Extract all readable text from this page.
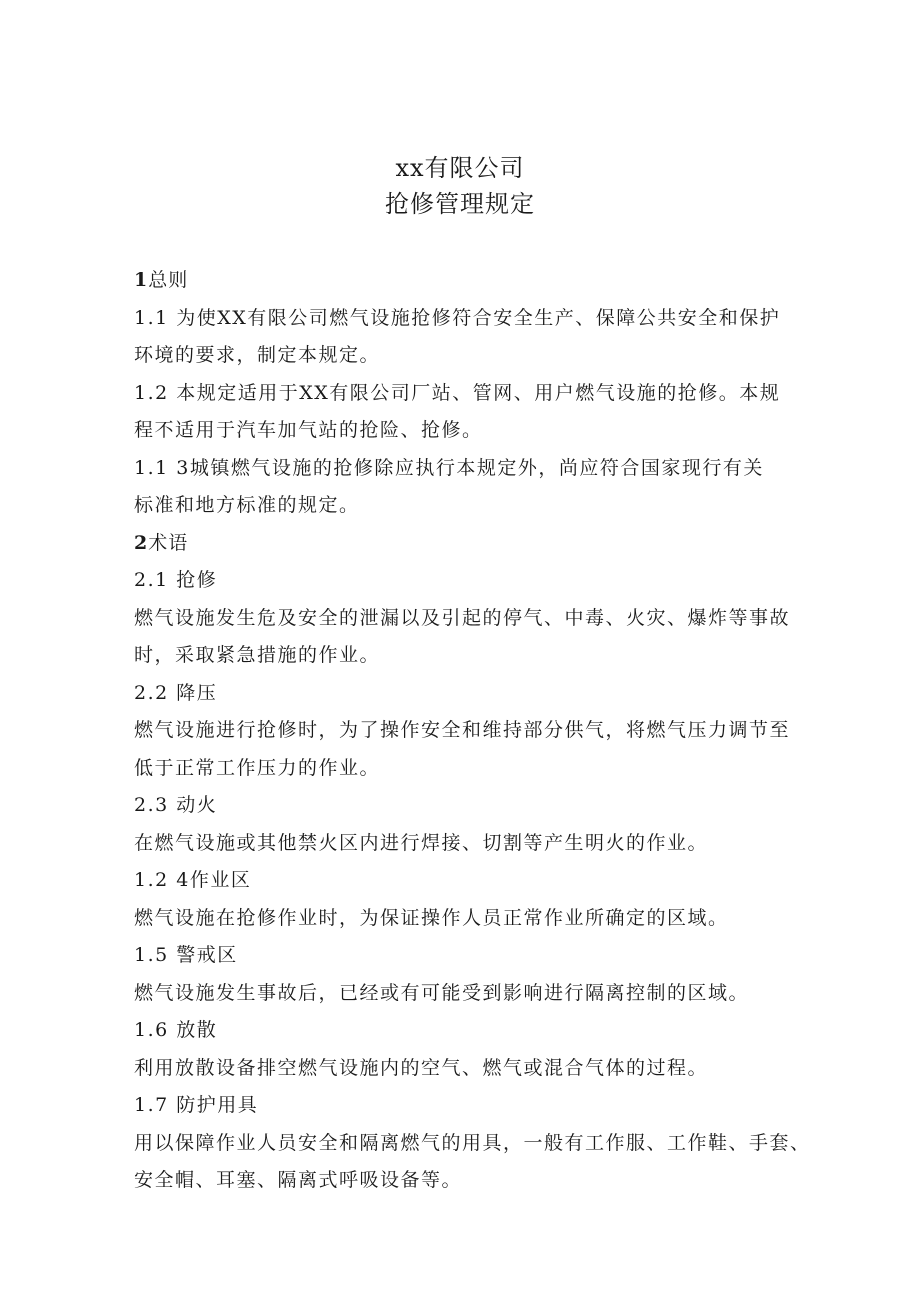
xx有限公司
抢修管理规定
1总则
1.1 为使XX有限公司燃气设施抢修符合安全生产、保障公共安全和保护
环境的要求，制定本规定。
1.2 本规定适用于XX有限公司厂站、管网、用户燃气设施的抢修。本规
程不适用于汽车加气站的抢险、抢修。
1.1 3城镇燃气设施的抢修除应执行本规定外，尚应符合国家现行有关
标准和地方标准的规定。
2术语
2.1 抢修
燃气设施发生危及安全的泄漏以及引起的停气、中毒、火灾、爆炸等事故
时，采取紧急措施的作业。
2.2 降压
燃气设施进行抢修时，为了操作安全和维持部分供气，将燃气压力调节至
低于正常工作压力的作业。
2.3 动火
在燃气设施或其他禁火区内进行焊接、切割等产生明火的作业。
1.2 4作业区
燃气设施在抢修作业时，为保证操作人员正常作业所确定的区域。
1.5 警戒区
燃气设施发生事故后，已经或有可能受到影响进行隔离控制的区域。
1.6 放散
利用放散设备排空燃气设施内的空气、燃气或混合气体的过程。
1.7 防护用具
用以保障作业人员安全和隔离燃气的用具，一般有工作服、工作鞋、手套、
安全帽、耳塞、隔离式呼吸设备等。
